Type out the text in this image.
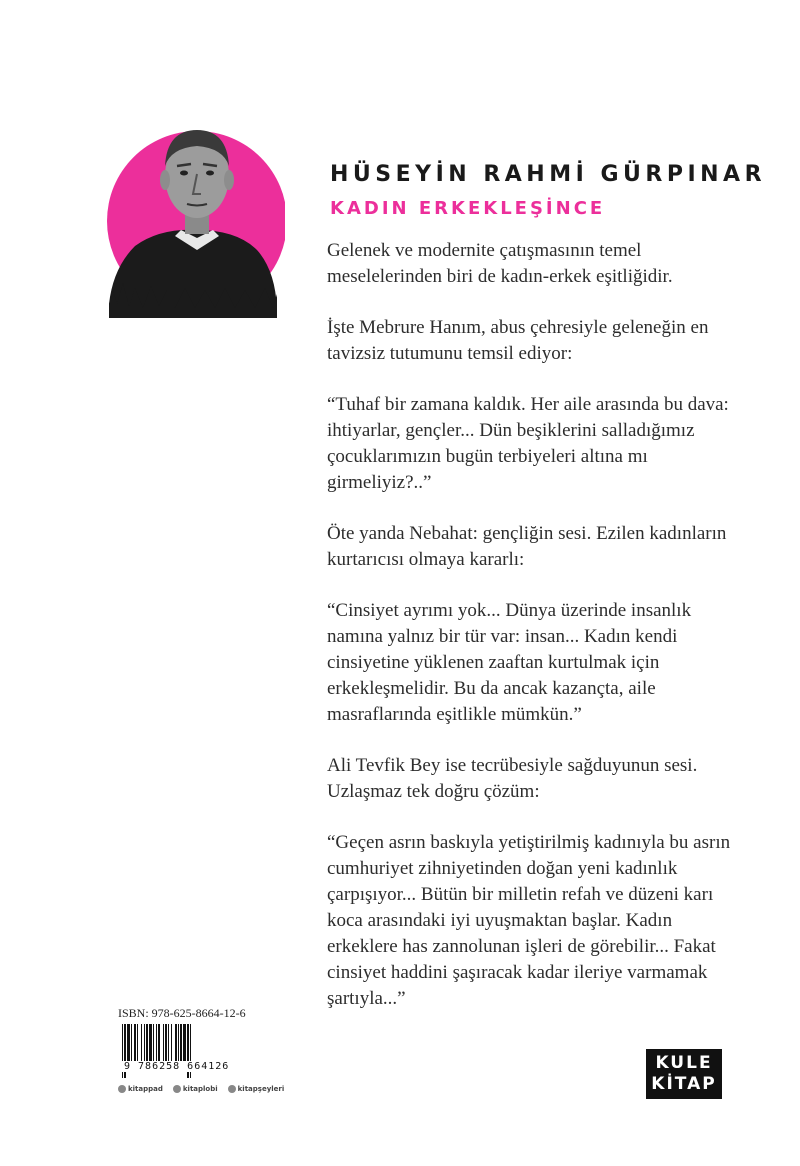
HÜSEYİN RAHMİ GÜRPINAR
KADIN ERKEKLEŞİNCE

Gelenek ve modernite çatışmasının temel meselelerinden biri de kadın-erkek eşitliğidir.

İşte Mebrure Hanım, abus çehresiyle geleneğin en tavizsiz tutumunu temsil ediyor:

“Tuhaf bir zamana kaldık. Her aile arasında bu dava: ihtiyarlar, gençler... Dün beşiklerini salladığımız çocuklarımızın bugün terbiyeleri altına mı girmeliyiz?..”

Öte yanda Nebahat: gençliğin sesi. Ezilen kadınların kurtarıcısı olmaya kararlı:

“Cinsiyet ayrımı yok... Dünya üzerinde insanlık namına yalnız bir tür var: insan... Kadın kendi cinsiyetine yüklenen zaaftan kurtulmak için erkekleşmelidir. Bu da ancak kazançta, aile masraflarında eşitlikle mümkün.”

Ali Tevfik Bey ise tecrübesiyle sağduyunun sesi. Uzlaşmaz tek doğru çözüm:

“Geçen asrın baskıyla yetiştirilmiş kadınıyla bu asrın cumhuriyet zihniyetinden doğan yeni kadınlık çarpışıyor... Bütün bir milletin refah ve düzeni karı koca arasındaki iyi uyuşmaktan başlar. Kadın erkeklere has zannolunan işleri de görebilir... Fakat cinsiyet haddini şaşıracak kadar ileriye varmamak şartıyla...”

ISBN: 978-625-8664-12-6
9 786258 664126
kitappad	kitaplobi	kitapşeyleri
KULE
KİTAP
